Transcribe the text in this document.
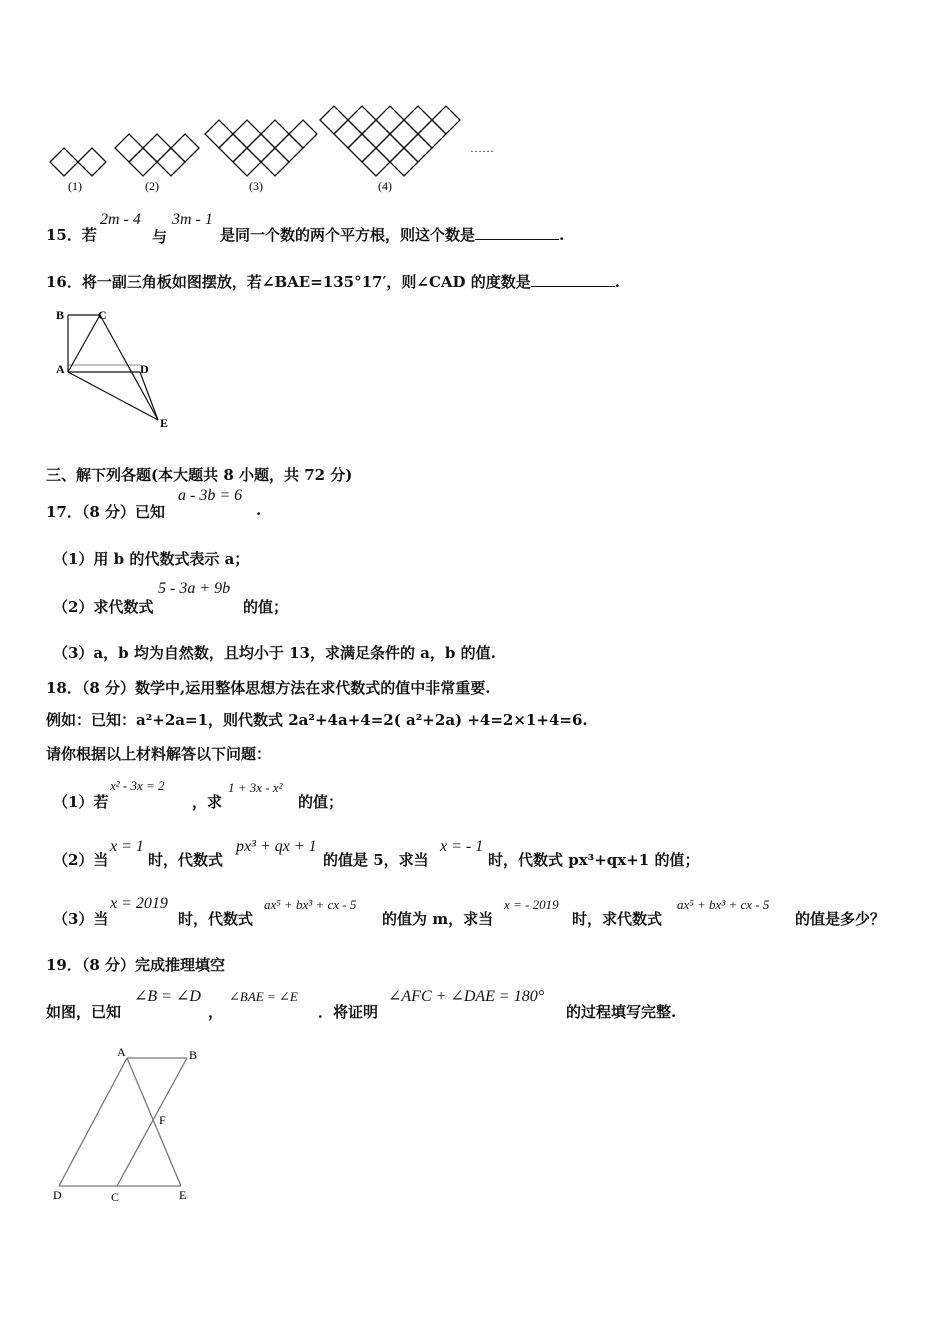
(1)	(2)	(3)	(4)
……
15．若
2m - 4
与
3m - 1
是同一个数的两个平方根，则这个数是	.
16．将一副三角板如图摆放，若∠BAE=135°17′，则∠CAD 的度数是	.
B	C
A	D
E
三、解下列各题(本大题共 8 小题，共 72 分)
17．（8 分）已知
a - 3b = 6
.
（1）用 b 的代数式表示 a；
（2）求代数式
5 - 3a + 9b
的值；
（3）a，b 均为自然数，且均小于 13，求满足条件的 a，b 的值.
18．（8 分）数学中,运用整体思想方法在求代数式的值中非常重要.
例如：已知：a²+2a=1，则代数式 2a²+4a+4=2( a²+2a) +4=2×1+4=6.
请你根据以上材料解答以下问题：
（1）若
x² - 3x = 2
，求
1 + 3x - x²
的值；
（2）当
x = 1
时，代数式
px³ + qx + 1
的值是 5，求当
x = - 1
时，代数式 px³+qx+1 的值；
（3）当
x = 2019
时，代数式
ax⁵ + bx³ + cx - 5
的值为 m，求当
x = - 2019
时，求代数式
ax⁵ + bx³ + cx - 5
的值是多少？
19．（8 分）完成推理填空
如图，已知
∠B = ∠D
，
∠BAE = ∠E
．将证明
∠AFC + ∠DAE = 180°
的过程填写完整.
A	B
F
D	C	E
